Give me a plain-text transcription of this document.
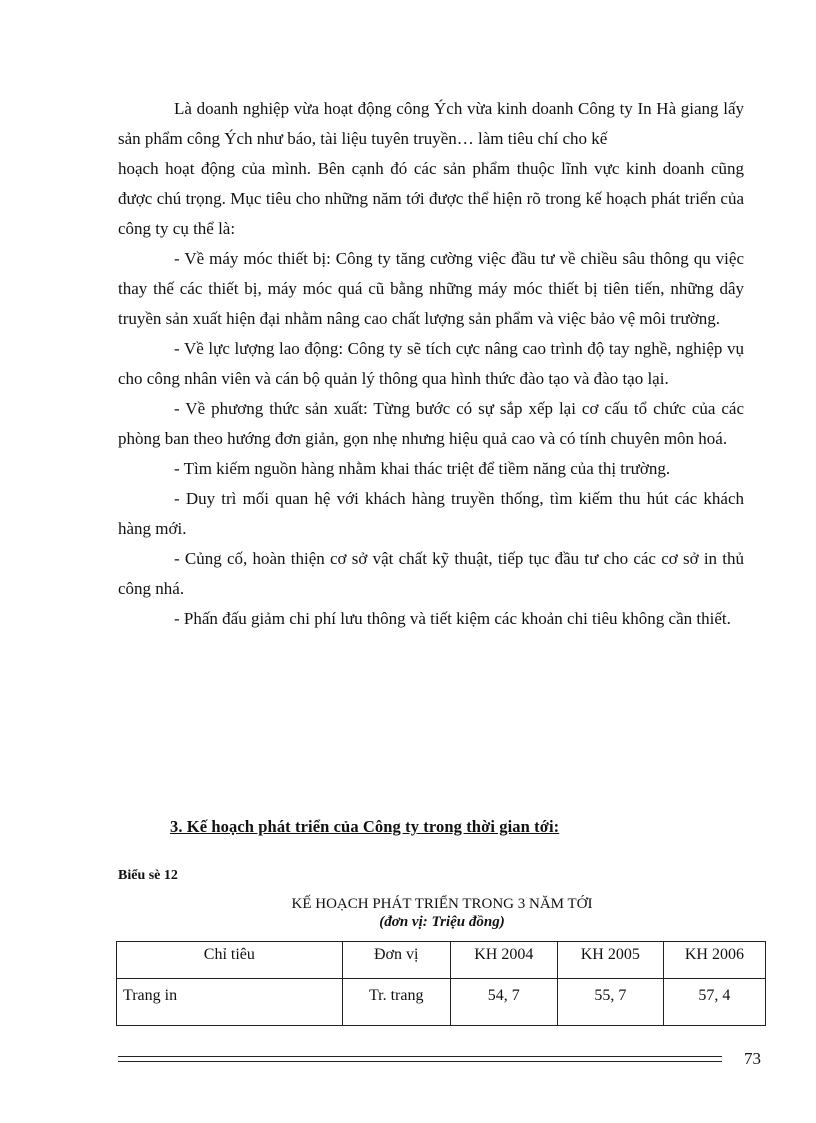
Là doanh nghiệp vừa hoạt động công Ých vừa kinh doanh Công ty In Hà giang lấy sản phẩm công Ých như báo, tài liệu tuyên truyền… làm tiêu chí cho kế

hoạch hoạt động của mình. Bên cạnh đó các sản phẩm thuộc lĩnh vực kinh doanh cũng được chú trọng. Mục tiêu cho những năm tới được thể hiện rõ trong kế hoạch phát triển của công ty cụ thể là:

- Về máy móc thiết bị: Công ty tăng cường việc đầu tư về chiều sâu thông qu việc thay thế các thiết bị, máy móc quá cũ bằng những máy móc thiết bị tiên tiến, những dây truyền sản xuất hiện đại nhằm nâng cao chất lượng sản phẩm và việc bảo vệ môi trường.

- Về lực lượng lao động: Công ty sẽ tích cực nâng cao trình độ tay nghề, nghiệp vụ cho công nhân viên và cán bộ quản lý thông qua hình thức đào tạo và đào tạo lại.

- Về phương thức sản xuất: Từng bước có sự sắp xếp lại cơ cấu tổ chức của các phòng ban theo hướng đơn giản, gọn nhẹ nhưng hiệu quả cao và có tính chuyên môn hoá.

- Tìm kiếm nguồn hàng nhằm khai thác triệt để tiềm năng của thị trường.

- Duy trì mối quan hệ với khách hàng truyền thống, tìm kiếm thu hút các khách hàng mới.

- Củng cố, hoàn thiện cơ sở vật chất kỹ thuật, tiếp tục đầu tư cho các cơ sở in thủ công nhá.

- Phấn đấu giảm chi phí lưu thông và tiết kiệm các khoản chi tiêu không cần thiết.

3. Kế hoạch phát triển của Công ty trong thời gian tới:
Biểu sè 12
KẾ HOẠCH PHÁT TRIỂN TRONG 3 NĂM TỚI
(đơn vị: Triệu đồng)
Chỉ tiêu	Đơn vị	KH 2004	KH 2005	KH 2006
Trang in	Tr. trang	54, 7	55, 7	57, 4
73
